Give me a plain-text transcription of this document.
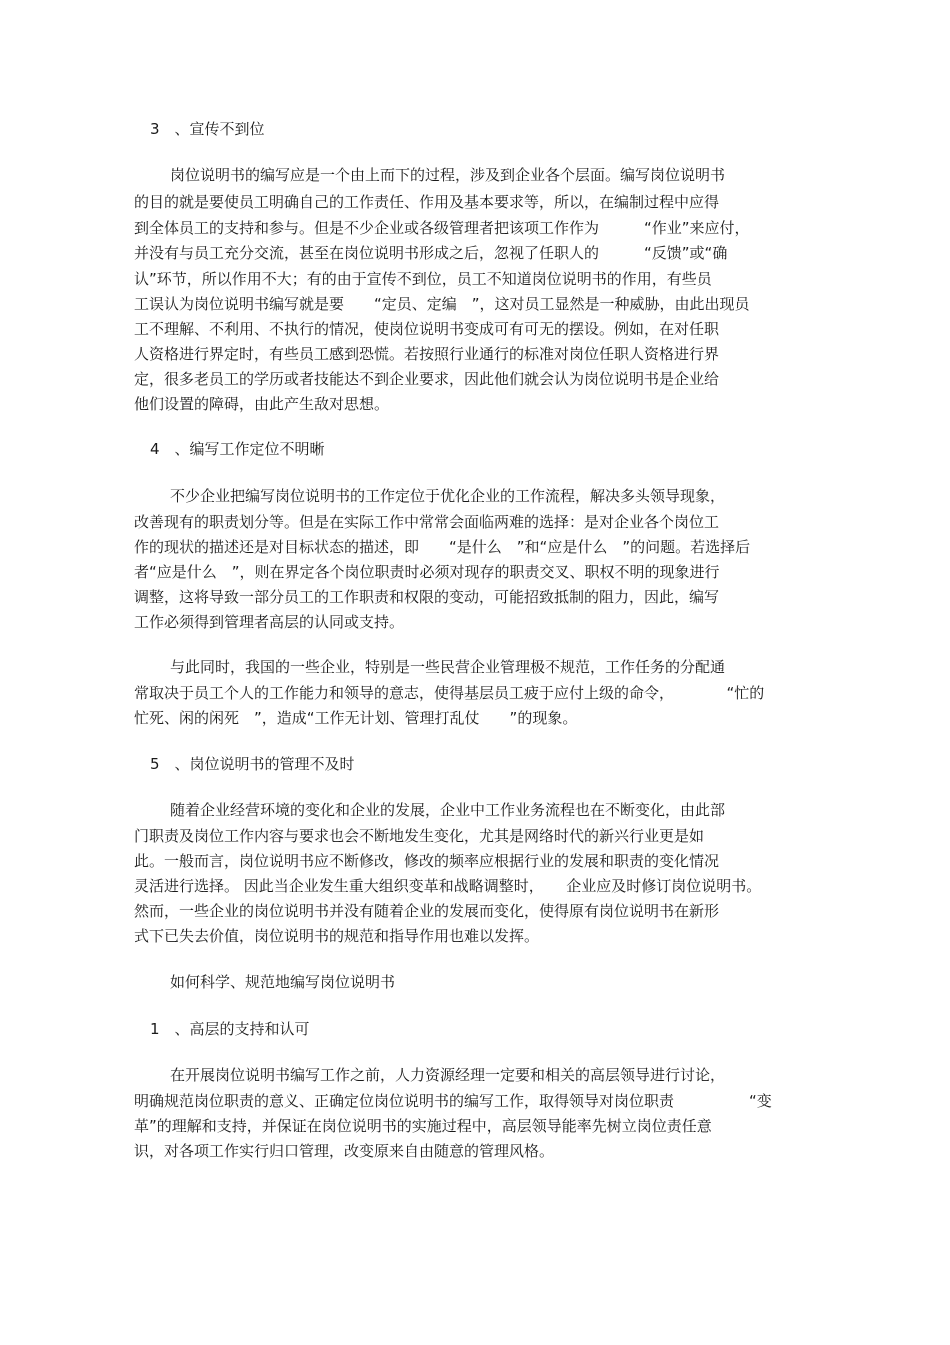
3　、宣传不到位
岗位说明书的编写应是一个由上而下的过程，涉及到企业各个层面。编写岗位说明书
的目的就是要使员工明确自己的工作责任、作用及基本要求等，所以，在编制过程中应得
到全体员工的支持和参与。但是不少企业或各级管理者把该项工作作为　　　“作业”来应付，
并没有与员工充分交流，甚至在岗位说明书形成之后，忽视了任职人的　　　“反馈”或“确
认”环节，所以作用不大；有的由于宣传不到位，员工不知道岗位说明书的作用，有些员
工误认为岗位说明书编写就是要　　“定员、定编　”，这对员工显然是一种威胁，由此出现员
工不理解、不利用、不执行的情况，使岗位说明书变成可有可无的摆设。例如，在对任职
人资格进行界定时，有些员工感到恐慌。若按照行业通行的标准对岗位任职人资格进行界
定，很多老员工的学历或者技能达不到企业要求，因此他们就会认为岗位说明书是企业给
他们设置的障碍，由此产生敌对思想。
4　、编写工作定位不明晰
不少企业把编写岗位说明书的工作定位于优化企业的工作流程，解决多头领导现象，
改善现有的职责划分等。但是在实际工作中常常会面临两难的选择：是对企业各个岗位工
作的现状的描述还是对目标状态的描述，即　　“是什么　”和“应是什么　”的问题。若选择后
者“应是什么　”，则在界定各个岗位职责时必须对现存的职责交叉、职权不明的现象进行
调整，这将导致一部分员工的工作职责和权限的变动，可能招致抵制的阻力，因此，编写
工作必须得到管理者高层的认同或支持。
与此同时，我国的一些企业，特别是一些民营企业管理极不规范，工作任务的分配通
常取决于员工个人的工作能力和领导的意志，使得基层员工疲于应付上级的命令，　　　　“忙的
忙死、闲的闲死　”，造成“工作无计划、管理打乱仗　　”的现象。
5　、岗位说明书的管理不及时
随着企业经营环境的变化和企业的发展，企业中工作业务流程也在不断变化，由此部
门职责及岗位工作内容与要求也会不断地发生变化，尤其是网络时代的新兴行业更是如
此。一般而言，岗位说明书应不断修改，修改的频率应根据行业的发展和职责的变化情况
灵活进行选择。 因此当企业发生重大组织变革和战略调整时，　　企业应及时修订岗位说明书。
然而，一些企业的岗位说明书并没有随着企业的发展而变化，使得原有岗位说明书在新形
式下已失去价值，岗位说明书的规范和指导作用也难以发挥。
如何科学、规范地编写岗位说明书
1　、高层的支持和认可
在开展岗位说明书编写工作之前，人力资源经理一定要和相关的高层领导进行讨论，
明确规范岗位职责的意义、正确定位岗位说明书的编写工作，取得领导对岗位职责　　　　　“变
革”的理解和支持，并保证在岗位说明书的实施过程中，高层领导能率先树立岗位责任意
识，对各项工作实行归口管理，改变原来自由随意的管理风格。
